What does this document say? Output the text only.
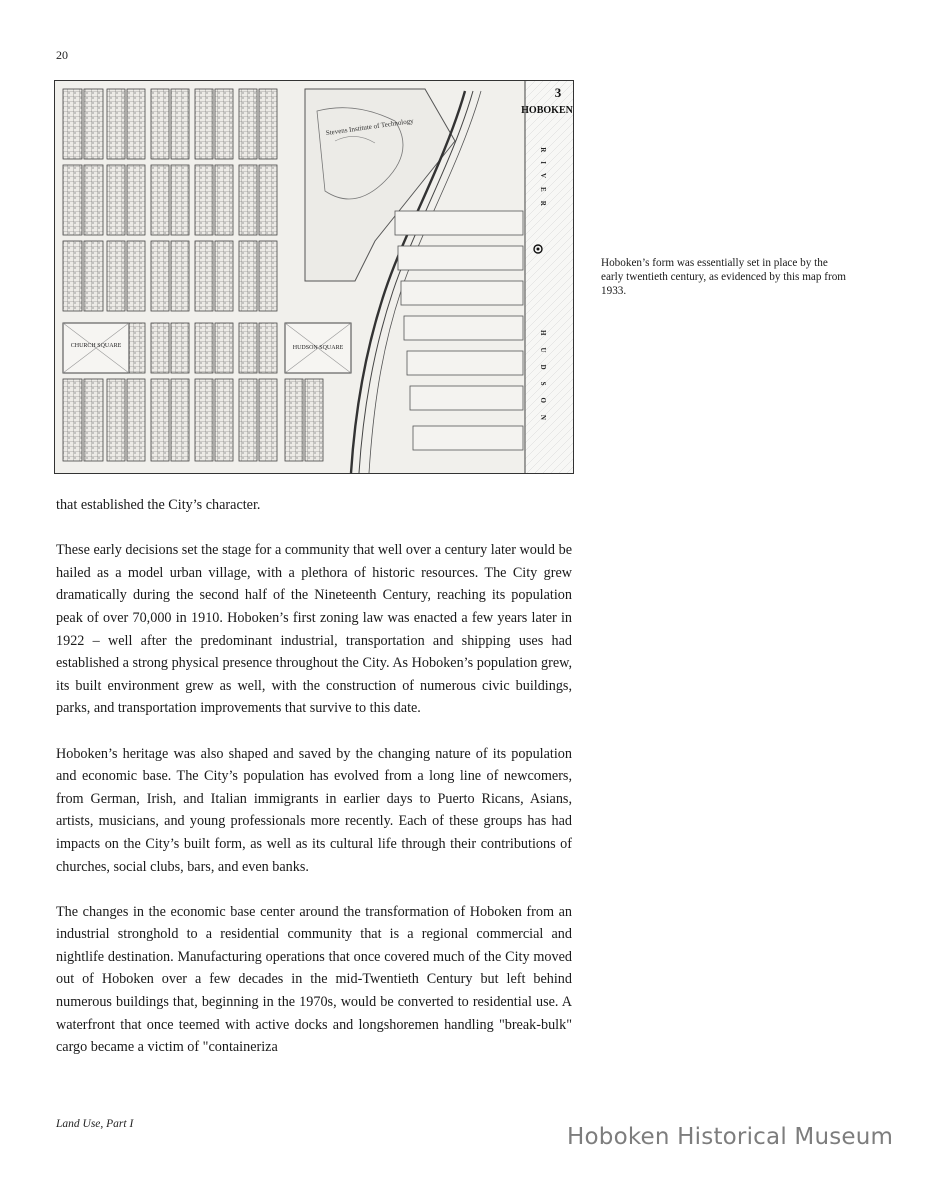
20
CHURCH SQUARE	HUDSON SQUARE
Stevens Institute of Technology
3
HOBOKEN
RIVER
HUDSON
Hoboken’s form was essentially set in place by the early twentieth century, as evidenced by this map from 1933.

that established the City’s character.

These early decisions set the stage for a community that well over a century later would be hailed as a model urban village, with a plethora of historic resources. The City grew dramatically during the second half of the Nineteenth Century, reaching its population peak of over 70,000 in 1910. Hoboken’s first zoning law was enacted a few years later in 1922 – well after the predominant industrial, transportation and shipping uses had established a strong physical presence throughout the City. As Hoboken’s population grew, its built environment grew as well, with the construction of numerous civic buildings, parks, and transportation improvements that survive to this date.

Hoboken’s heritage was also shaped and saved by the changing nature of its population and economic base. The City’s population has evolved from a long line of newcomers, from German, Irish, and Italian immigrants in earlier days to Puerto Ricans, Asians, artists, musicians, and young professionals more recently. Each of these groups has had impacts on the City’s built form, as well as its cultural life through their contributions of churches, social clubs, bars, and even banks.

The changes in the economic base center around the transformation of Hoboken from an industrial stronghold to a residential community that is a regional commercial and nightlife destination. Manufacturing operations that once covered much of the City moved out of Hoboken over a few decades in the mid-Twentieth Century but left behind numerous buildings that, beginning in the 1970s, would be converted to residential use. A waterfront that once teemed with active docks and longshoremen handling "break-bulk" cargo became a victim of "containeriza

Land Use, Part I	Hoboken Historical Museum
